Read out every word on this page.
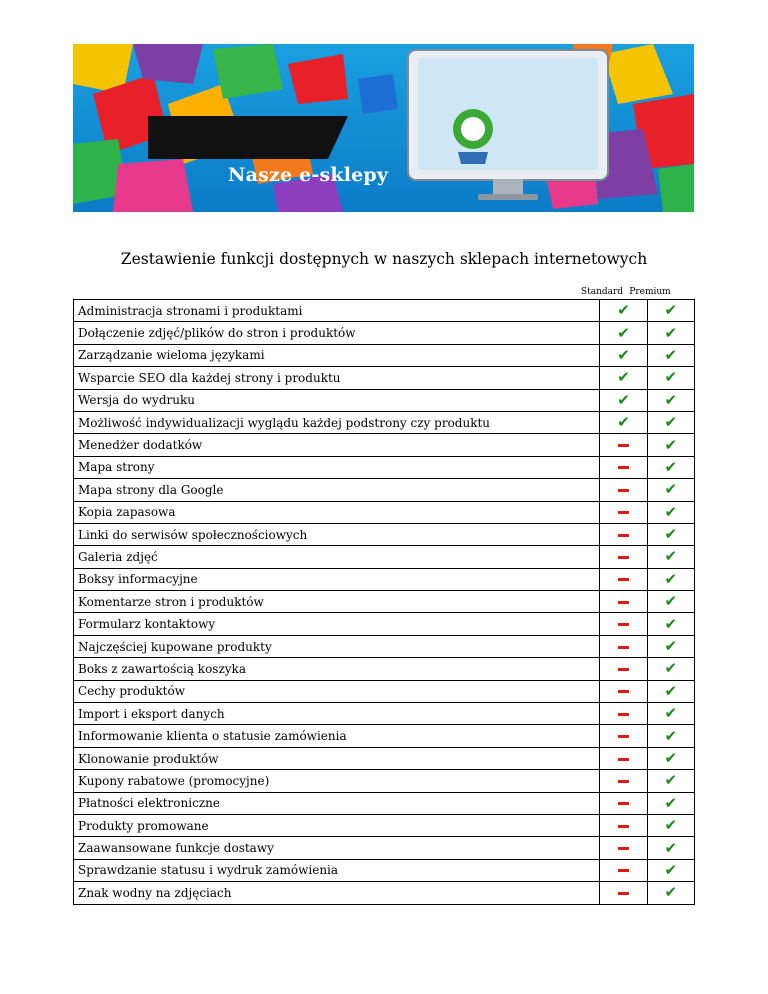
Nasze e-sklepy
Zestawienie funkcji dostępnych w naszych sklepach internetowych
Standard Premium
Administracja stronami i produktami	✔	✔
Dołączenie zdjęć/plików do stron i produktów	✔	✔
Zarządzanie wieloma językami	✔	✔
Wsparcie SEO dla każdej strony i produktu	✔	✔
Wersja do wydruku	✔	✔
Możliwość indywidualizacji wyglądu każdej podstrony czy produktu	✔	✔
Menedżer dodatków		✔
Mapa strony		✔
Mapa strony dla Google		✔
Kopia zapasowa		✔
Linki do serwisów społecznościowych		✔
Galeria zdjęć		✔
Boksy informacyjne		✔
Komentarze stron i produktów		✔
Formularz kontaktowy		✔
Najczęściej kupowane produkty		✔
Boks z zawartością koszyka		✔
Cechy produktów		✔
Import i eksport danych		✔
Informowanie klienta o statusie zamówienia		✔
Klonowanie produktów		✔
Kupony rabatowe (promocyjne)		✔
Płatności elektroniczne		✔
Produkty promowane		✔
Zaawansowane funkcje dostawy		✔
Sprawdzanie statusu i wydruk zamówienia		✔
Znak wodny na zdjęciach		✔
